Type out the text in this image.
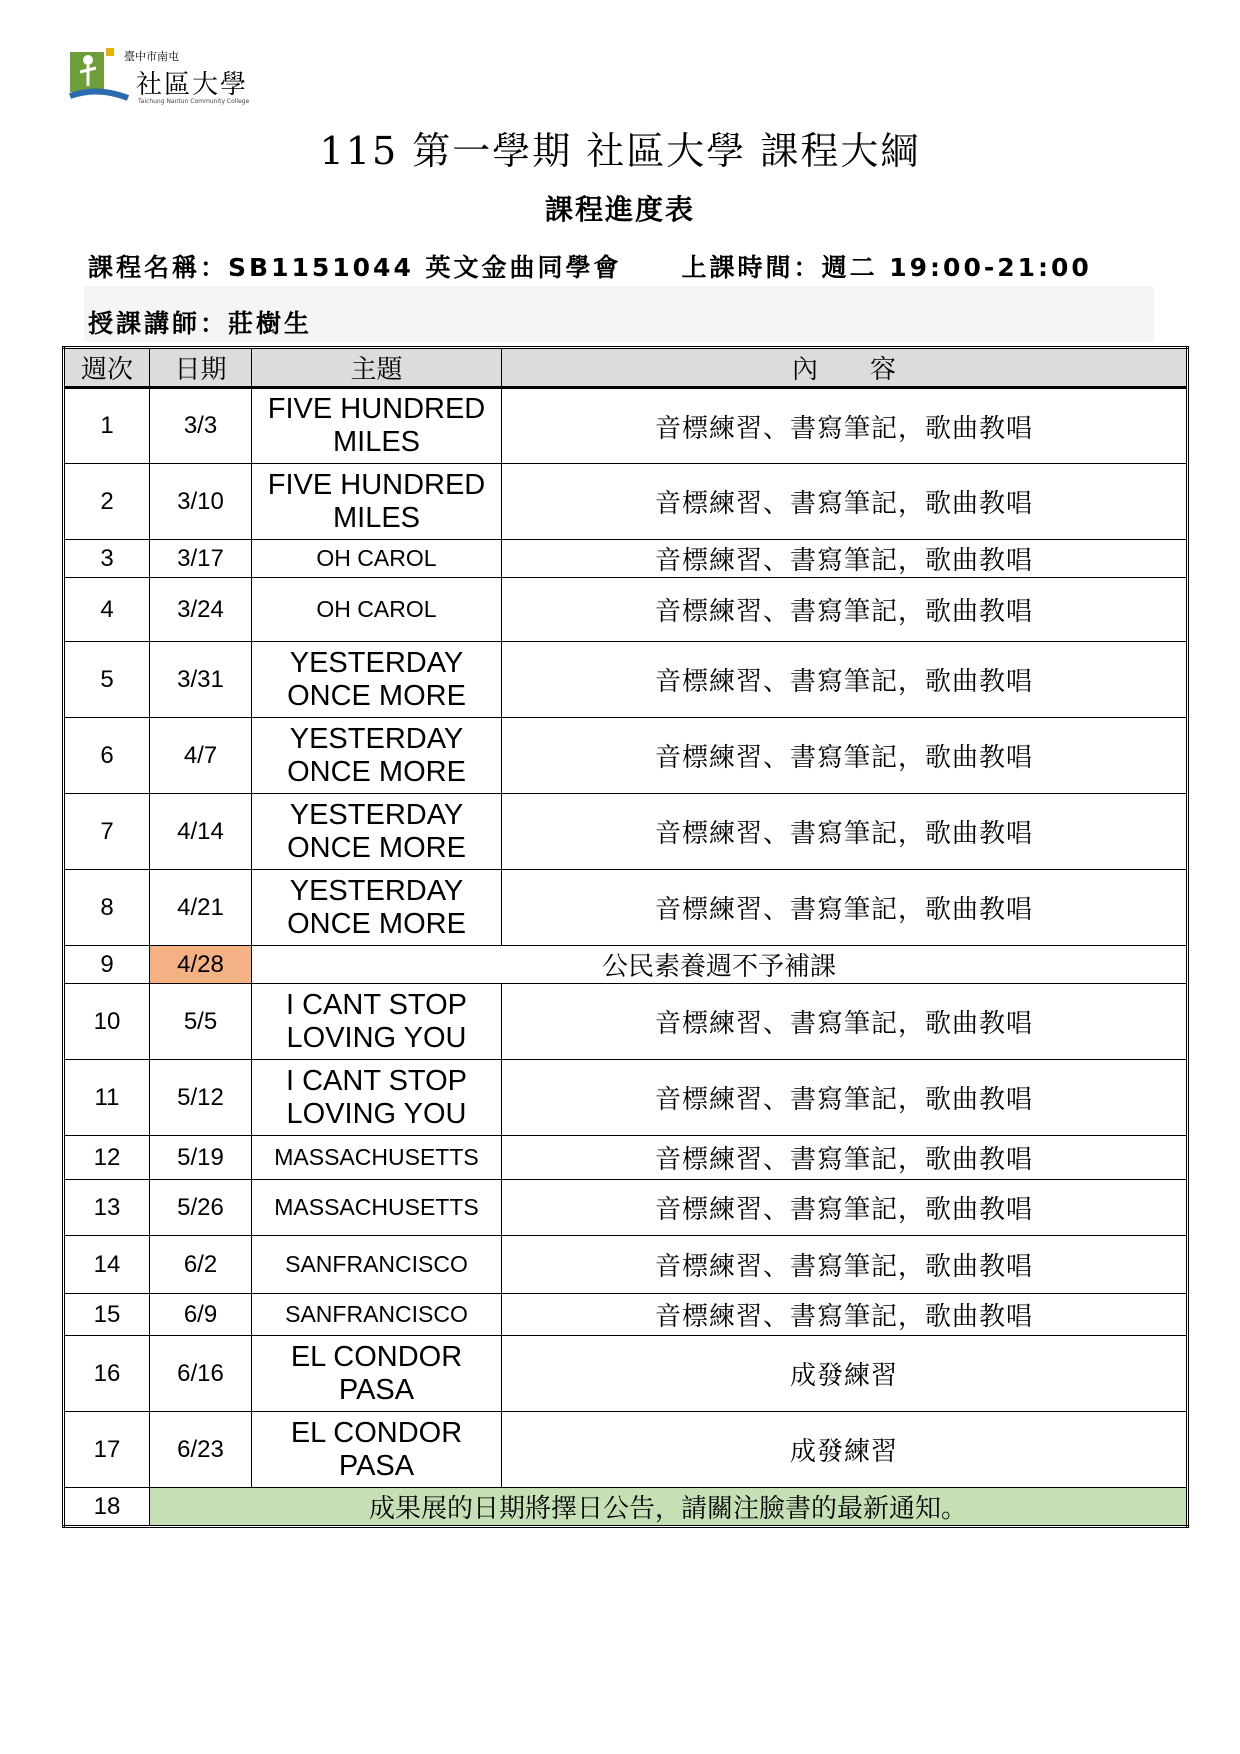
臺中市南屯
社區大學
Taichung Nantun Community College
115 第一學期 社區大學 課程大綱
課程進度表
課程名稱：SB1151044 英文金曲同學會 上課時間：週二 19:00-21:00
授課講師：莊樹生
週次	日期	主題	內　　容
1	3/3	FIVE HUNDRED MILES	音標練習、書寫筆記，歌曲教唱
2	3/10	FIVE HUNDRED MILES	音標練習、書寫筆記，歌曲教唱
3	3/17	OH CAROL	音標練習、書寫筆記，歌曲教唱
4	3/24	OH CAROL	音標練習、書寫筆記，歌曲教唱
5	3/31	YESTERDAY ONCE MORE	音標練習、書寫筆記，歌曲教唱
6	4/7	YESTERDAY ONCE MORE	音標練習、書寫筆記，歌曲教唱
7	4/14	YESTERDAY ONCE MORE	音標練習、書寫筆記，歌曲教唱
8	4/21	YESTERDAY ONCE MORE	音標練習、書寫筆記，歌曲教唱
9	4/28	公民素養週不予補課	
10	5/5	I CANT STOP LOVING YOU	音標練習、書寫筆記，歌曲教唱
11	5/12	I CANT STOP LOVING YOU	音標練習、書寫筆記，歌曲教唱
12	5/19	MASSACHUSETTS	音標練習、書寫筆記，歌曲教唱
13	5/26	MASSACHUSETTS	音標練習、書寫筆記，歌曲教唱
14	6/2	SANFRANCISCO	音標練習、書寫筆記，歌曲教唱
15	6/9	SANFRANCISCO	音標練習、書寫筆記，歌曲教唱
16	6/16	EL CONDOR PASA	成發練習
17	6/23	EL CONDOR PASA	成發練習
18	成果展的日期將擇日公告，請關注臉書的最新通知。		
